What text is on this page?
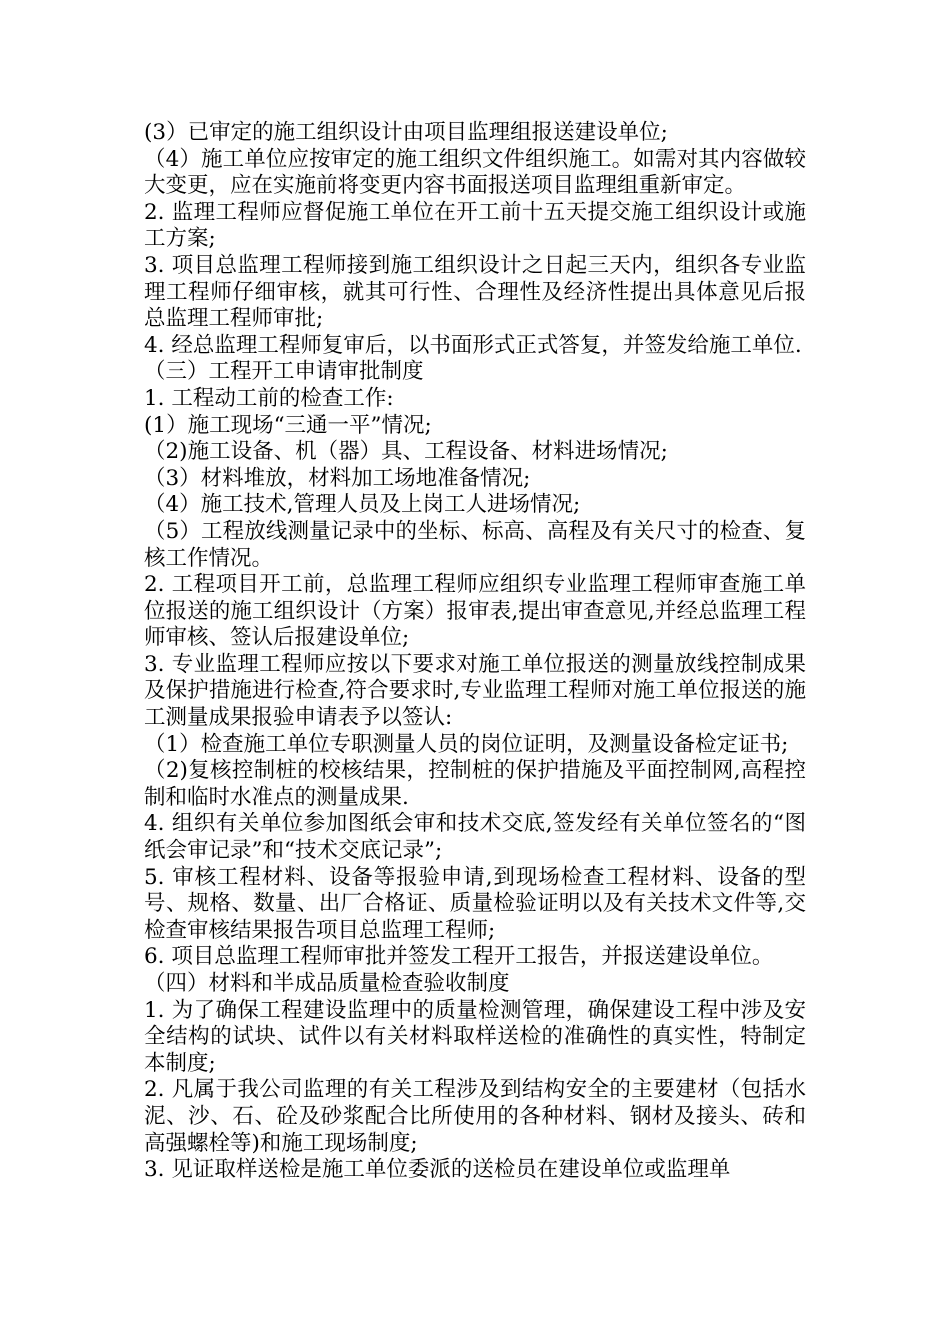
(3）已审定的施工组织设计由项目监理组报送建设单位;

（4）施工单位应按审定的施工组织文件组织施工。如需对其内容做较大变更，应在实施前将变更内容书面报送项目监理组重新审定。

2. 监理工程师应督促施工单位在开工前十五天提交施工组织设计或施工方案;

3. 项目总监理工程师接到施工组织设计之日起三天内，组织各专业监理工程师仔细审核，就其可行性、合理性及经济性提出具体意见后报总监理工程师审批;

4. 经总监理工程师复审后，以书面形式正式答复，并签发给施工单位.

（三）工程开工申请审批制度

1. 工程动工前的检查工作:

(1）施工现场“三通一平”情况;

（2)施工设备、机（器）具、工程设备、材料进场情况;

（3）材料堆放，材料加工场地准备情况;

（4）施工技术,管理人员及上岗工人进场情况;

（5）工程放线测量记录中的坐标、标高、高程及有关尺寸的检查、复核工作情况。

2. 工程项目开工前，总监理工程师应组织专业监理工程师审查施工单位报送的施工组织设计（方案）报审表,提出审查意见,并经总监理工程师审核、签认后报建设单位;

3. 专业监理工程师应按以下要求对施工单位报送的测量放线控制成果及保护措施进行检查,符合要求时,专业监理工程师对施工单位报送的施工测量成果报验申请表予以签认:

（1）检查施工单位专职测量人员的岗位证明，及测量设备检定证书;

（2)复核控制桩的校核结果，控制桩的保护措施及平面控制网,高程控制和临时水准点的测量成果.

4. 组织有关单位参加图纸会审和技术交底,签发经有关单位签名的“图纸会审记录”和“技术交底记录”;

5. 审核工程材料、设备等报验申请,到现场检查工程材料、设备的型号、规格、数量、出厂合格证、质量检验证明以及有关技术文件等,交检查审核结果报告项目总监理工程师;

6. 项目总监理工程师审批并签发工程开工报告，并报送建设单位。

（四）材料和半成品质量检查验收制度

1. 为了确保工程建设监理中的质量检测管理，确保建设工程中涉及安全结构的试块、试件以有关材料取样送检的准确性的真实性，特制定本制度;

2. 凡属于我公司监理的有关工程涉及到结构安全的主要建材（包括水泥、沙、石、砼及砂浆配合比所使用的各种材料、钢材及接头、砖和高强螺栓等)和施工现场制度;

3. 见证取样送检是施工单位委派的送检员在建设单位或监理单
